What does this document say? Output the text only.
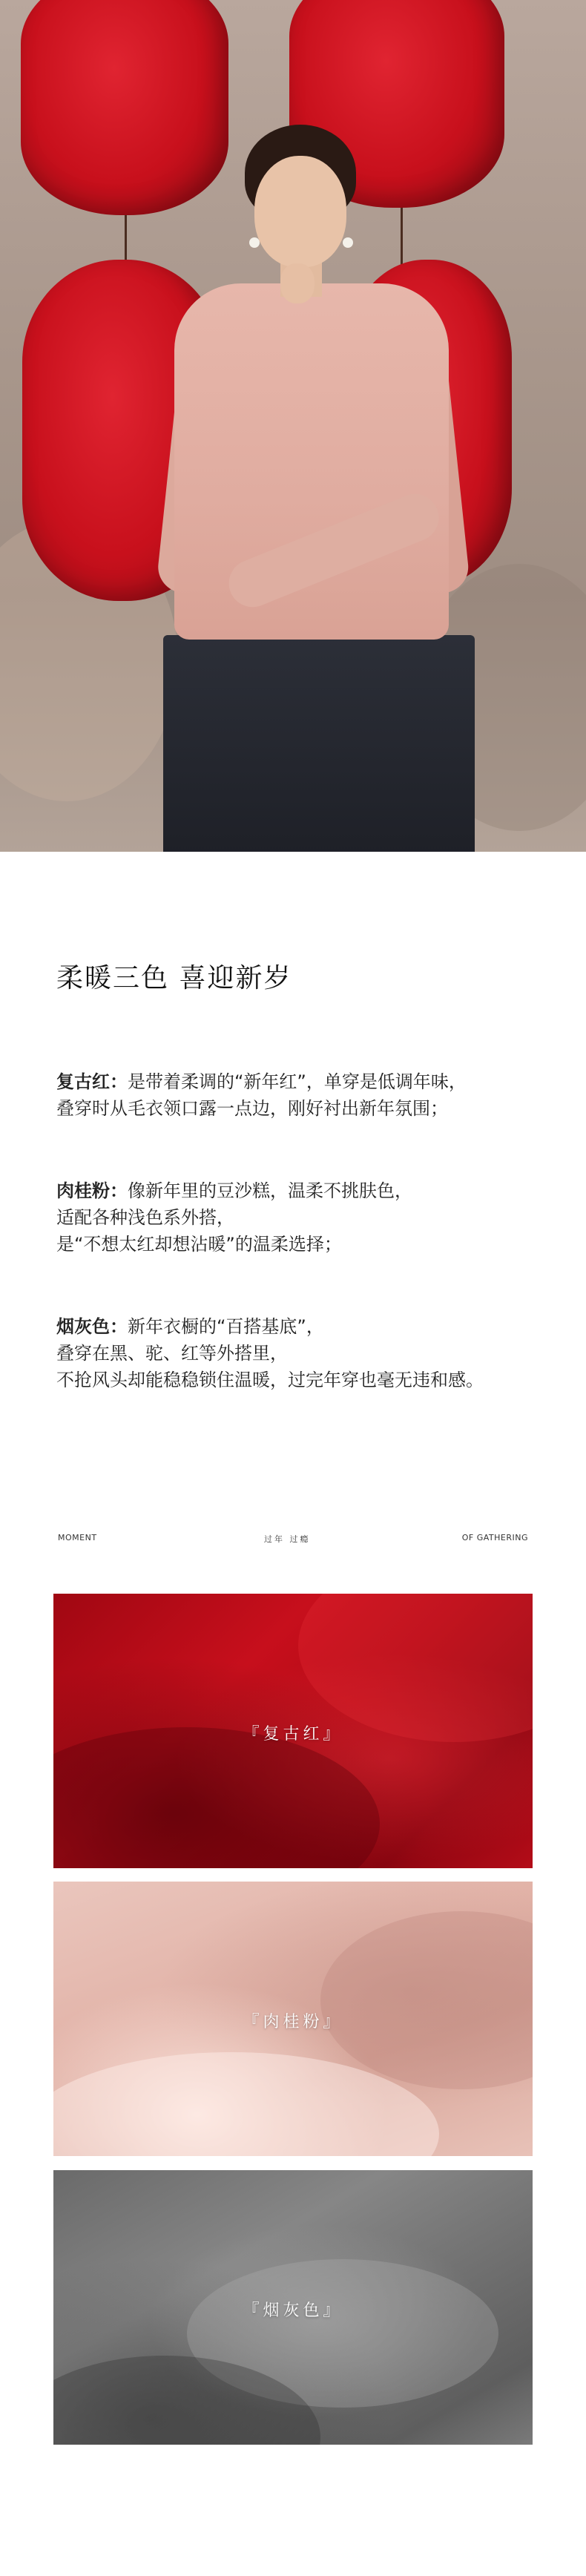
柔暖三色 喜迎新岁

复古红：是带着柔调的“新年红”，单穿是低调年味，

叠穿时从毛衣领口露一点边，刚好衬出新年氛围；

肉桂粉：像新年里的豆沙糕，温柔不挑肤色，

适配各种浅色系外搭，

是“不想太红却想沾暖”的温柔选择；

烟灰色：新年衣橱的“百搭基底”，

叠穿在黑、驼、红等外搭里，

不抢风头却能稳稳锁住温暖，过完年穿也毫无违和感。

MOMENT	过年 过瘾	OF GATHERING
『复古红』
『肉桂粉』
『烟灰色』
